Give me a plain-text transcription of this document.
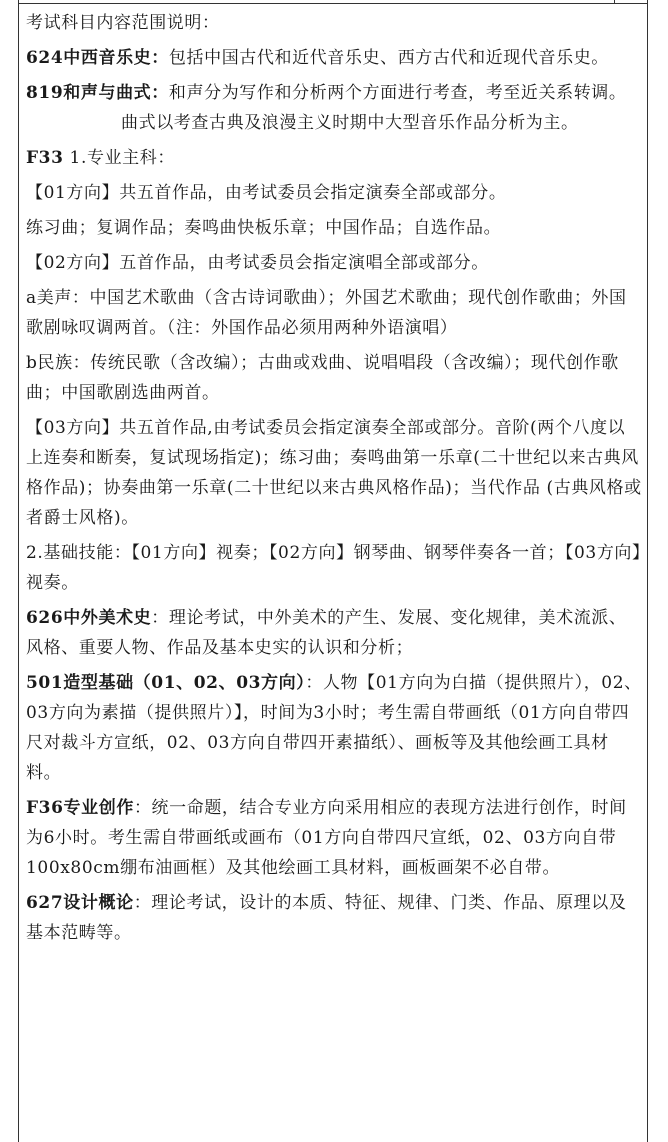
考试科目内容范围说明：

624中西音乐史：包括中国古代和近代音乐史、西方古代和近现代音乐史。

819和声与曲式：和声分为写作和分析两个方面进行考查，考至近关系转调。曲式以考查古典及浪漫主义时期中大型音乐作品分析为主。

F33 1.专业主科：

【01方向】共五首作品，由考试委员会指定演奏全部或部分。

练习曲；复调作品；奏鸣曲快板乐章；中国作品；自选作品。

【02方向】五首作品，由考试委员会指定演唱全部或部分。

a美声：中国艺术歌曲（含古诗词歌曲）；外国艺术歌曲；现代创作歌曲；外国歌剧咏叹调两首。（注：外国作品必须用两种外语演唱）

b民族：传统民歌（含改编）；古曲或戏曲、说唱唱段（含改编）；现代创作歌曲；中国歌剧选曲两首。

【03方向】共五首作品,由考试委员会指定演奏全部或部分。音阶(两个八度以上连奏和断奏，复试现场指定)；练习曲；奏鸣曲第一乐章(二十世纪以来古典风格作品)；协奏曲第一乐章(二十世纪以来古典风格作品)；当代作品 (古典风格或者爵士风格)。

2.基础技能：【01方向】视奏；【02方向】钢琴曲、钢琴伴奏各一首；【03方向】视奏。

626中外美术史：理论考试，中外美术的产生、发展、变化规律，美术流派、风格、重要人物、作品及基本史实的认识和分析；

501造型基础（01、02、03方向）：人物【01方向为白描（提供照片），02、03方向为素描（提供照片）】，时间为3小时；考生需自带画纸（01方向自带四尺对裁斗方宣纸，02、03方向自带四开素描纸）、画板等及其他绘画工具材料。

F36专业创作：统一命题，结合专业方向采用相应的表现方法进行创作，时间为6小时。考生需自带画纸或画布（01方向自带四尺宣纸，02、03方向自带100x80cm绷布油画框）及其他绘画工具材料，画板画架不必自带。

627设计概论：理论考试，设计的本质、特征、规律、门类、作品、原理以及基本范畴等。
